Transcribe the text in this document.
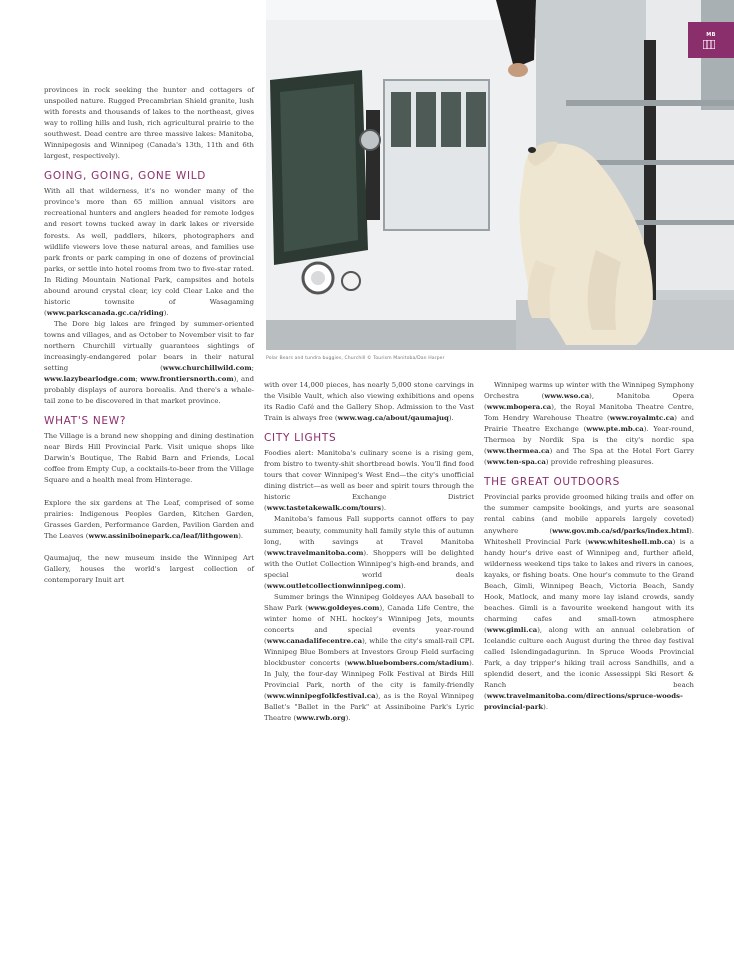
MB
Polar Bears and tundra buggies, Churchill © Tourism Manitoba/Dan Harper

provinces in rock seeking the hunter and cottagers of unspoiled nature. Rugged Precambrian Shield granite, lush with forests and thousands of lakes to the northeast, gives way to rolling hills and lush, rich agricultural prairie to the southwest. Dead centre are three massive lakes: Manitoba, Winnipegosis and Winnipeg (Canada's 13th, 11th and 6th largest, respectively).

GOING, GOING, GONE WILD

With all that wilderness, it's no wonder many of the province's more than 65 million annual visitors are recreational hunters and anglers headed for remote lodges and resort towns tucked away in dark lakes or riverside forests. As well, paddlers, hikers, photographers and wildlife viewers love these natural areas, and families use park fronts or park camping in one of dozens of provincial parks, or settle into hotel rooms from two to five-star rated. In Riding Mountain National Park, campsites and hotels abound around crystal clear, icy cold Clear Lake and the historic townsite of Wasagaming (www.parkscanada.gc.ca/riding).

The Dore big lakes are fringed by summer-oriented towns and villages, and as October to November visit to far northern Churchill virtually guarantees sightings of increasingly-endangered polar bears in their natural setting (www.churchillwild.com; www.lazybearlodge.com; www.frontiersnorth.com), and probably displays of aurora borealis. And there's a whale-tail zone to be discovered in that market province.

WHAT'S NEW?

The Village is a brand new shopping and dining destination near Birds Hill Provincial Park. Visit unique shops like Darwin's Boutique, The Rabid Barn and Friends, Local coffee from Empty Cup, a cocktails-to-beer from the Village Square and a health meal from Hinterage.

Explore the six gardens at The Leaf, comprised of some prairies: Indigenous Peoples Garden, Kitchen Garden, Grasses Garden, Performance Garden, Pavilion Garden and The Leaves (www.assiniboinepark.ca/leaf/lithgowen).

Qaumajuq, the new museum inside the Winnipeg Art Gallery, houses the world's largest collection of contemporary Inuit art

with over 14,000 pieces, has nearly 5,000 stone carvings in the Visible Vault, which also viewing exhibitions and opens its Radio Café and the Gallery Shop. Admission to the Vast Train is always free (www.wag.ca/about/qaumajuq).

CITY LIGHTS

Foodies alert: Manitoba's culinary scene is a rising gem, from bistro to twenty-shit shortbread bowls. You'll find food tours that cover Winnipeg's West End—the city's unofficial dining district—as well as beer and spirit tours through the historic Exchange District (www.tastetakewalk.com/tours).

Manitoba's famous Fall supports cannot offers to pay summer, beauty, community hall family style this of autumn long, with savings at Travel Manitoba (www.travelmanitoba.com). Shoppers will be delighted with the Outlet Collection Winnipeg's high-end brands, and special world deals (www.outletcollectionwinnipeg.com).

Summer brings the Winnipeg Goldeyes AAA baseball to Shaw Park (www.goldeyes.com), Canada Life Centre, the winter home of NHL hockey's Winnipeg Jets, mounts concerts and special events year-round (www.canadalifecentre.ca), while the city's small-rail CPL Winnipeg Blue Bombers at Investors Group Field surfacing blockbuster concerts (www.bluebombers.com/stadium). In July, the four-day Winnipeg Folk Festival at Birds Hill Provincial Park, north of the city is family-friendly (www.winnipegfolkfestival.ca), as is the Royal Winnipeg Ballet's "Ballet in the Park" at Assiniboine Park's Lyric Theatre (www.rwb.org).

Winnipeg warms up winter with the Winnipeg Symphony Orchestra (www.wso.ca), Manitoba Opera (www.mbopera.ca), the Royal Manitoba Theatre Centre, Tom Hendry Warehouse Theatre (www.royalmtc.ca) and Prairie Theatre Exchange (www.pte.mb.ca). Year-round, Thermea by Nordik Spa is the city's nordic spa (www.thermea.ca) and The Spa at the Hotel Fort Garry (www.ten-spa.ca) provide refreshing pleasures.

THE GREAT OUTDOORS

Provincial parks provide groomed hiking trails and offer on the summer campsite bookings, and yurts are seasonal rental cabins (and mobile apparels largely coveted) anywhere (www.gov.mb.ca/sd/parks/index.html). Whiteshell Provincial Park (www.whiteshell.mb.ca) is a handy hour's drive east of Winnipeg and, further afield, wilderness weekend tips take to lakes and rivers in canoes, kayaks, or fishing boats. One hour's commute to the Grand Beach, Gimli, Winnipeg Beach, Victoria Beach, Sandy Hook, Matlock, and many more lay island crowds, sandy beaches. Gimli is a favourite weekend hangout with its charming cafes and small-town atmosphere (www.gimli.ca), along with an annual celebration of Icelandic culture each August during the three day festival called Islendingadagurinn. In Spruce Woods Provincial Park, a day tripper's hiking trail across Sandhills, and a splendid desert, and the iconic Assessippi Ski Resort & Ranch beach (www.travelmanitoba.com/directions/spruce-woods-provincial-park).
